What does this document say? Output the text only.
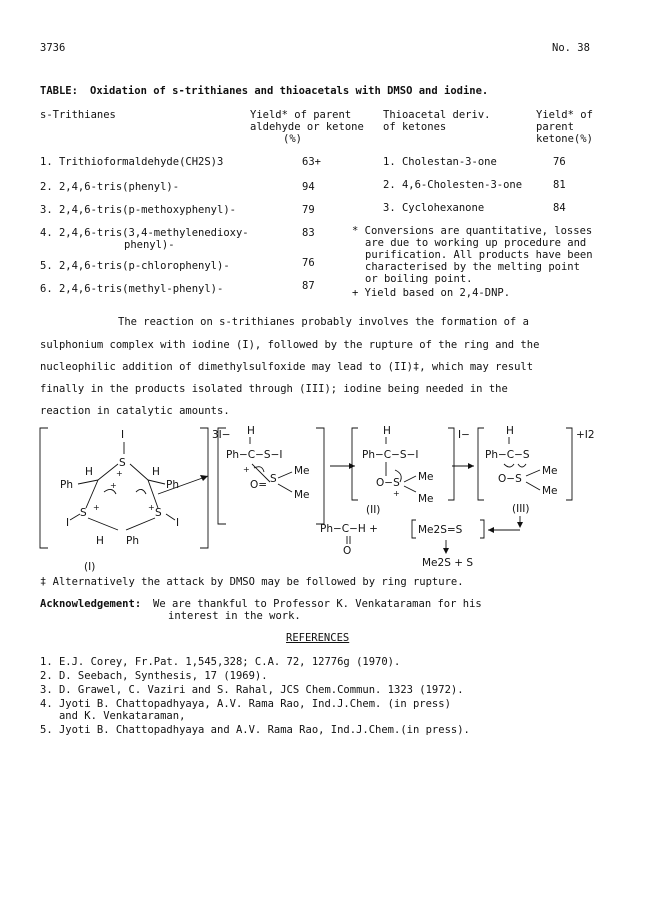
3736	No. 38
TABLE: Oxidation of s-trithianes and thioacetals with DMSO and iodine.
s-Trithianes	Yield* of parent
aldehyde or ketone
(%)
Thioacetal deriv.
of ketones
Yield* of
parent
ketone(%)
1. Trithioformaldehyde(CH2S)3	63+
2. 2,4,6-tris(phenyl)-	94
3. 2,4,6-tris(p-methoxyphenyl)-	79
4. 2,4,6-tris(3,4-methylenedioxy-
phenyl)-
83
5. 2,4,6-tris(p-chlorophenyl)-	76
6. 2,4,6-tris(methyl-phenyl)-	87
1. Cholestan-3-one	76
2. 4,6-Cholesten-3-one	81
3. Cyclohexanone	84
* Conversions are quantitative, losses
are due to working up procedure and
purification. All products have been
characterised by the melting point
or boiling point.
+ Yield based on 2,4-DNP.
The reaction on s-trithianes probably involves the formation of a
sulphonium complex with iodine (I), followed by the rupture of the ring and the
nucleophilic addition of dimethylsulfoxide may lead to (II)‡, which may result
finally in the products isolated through (III); iodine being needed in the
reaction in catalytic amounts.
3I−
I
S
+
H	H
Ph	Ph
S +	S
+
I	I
H Ph
+
(I)
H
Ph−C−S−I
+
S
Me
Me
O=
H
Ph−C−S−I
O−S Me
Me
+
(II)
I−	H
Ph−C−S
O−S
Me
Me
+I2
(III)
Ph−C−H +
O
Me2S=S
Me2S + S
‡ Alternatively the attack by DMSO may be followed by ring rupture.
Acknowledgement: We are thankful to Professor K. Venkataraman for his
interest in the work.
REFERENCES
1. E.J. Corey, Fr.Pat. 1,545,328; C.A. 72, 12776g (1970).
2. D. Seebach, Synthesis, 17 (1969).
3. D. Grawel, C. Vaziri and S. Rahal, JCS Chem.Commun. 1323 (1972).
4. Jyoti B. Chattopadhyaya, A.V. Rama Rao, Ind.J.Chem. (in press)
and K. Venkataraman,
5. Jyoti B. Chattopadhyaya and A.V. Rama Rao, Ind.J.Chem.(in press).
